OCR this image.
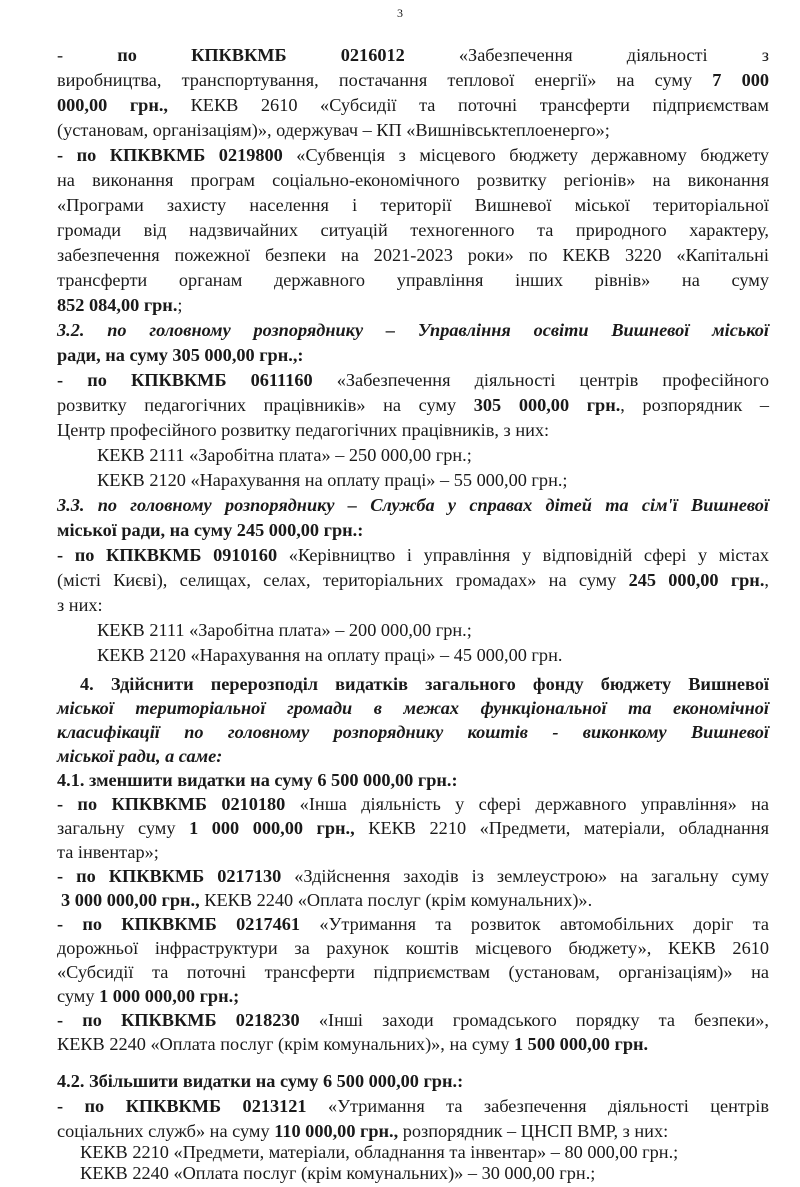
3
- по	КПКВКМБ	0216012 «Забезпечення діяльності з
виробництва, транспортування, постачання теплової енергії» на суму 7 000
000,00 грн., КЕКВ 2610 «Субсидії та поточні трансферти підприємствам
(установам, організаціям)», одержувач – КП «Вишнівськтеплоенерго»;
- по КПКВКМБ 0219800 «Субвенція з місцевого бюджету державному бюджету
на виконання програм соціально-економічного розвитку регіонів» на виконання
«Програми захисту населення і території Вишневої міської територіальної
громади від надзвичайних ситуацій техногенного та природного характеру,
забезпечення пожежної безпеки на 2021-2023 роки» по КЕКВ 3220 «Капітальні
трансферти органам державного управління інших рівнів» на суму
852 084,00 грн.;
3.2. по головному розпоряднику – Управління освіти Вишневої міської
ради, на суму 305 000,00 грн.,:
- по КПКВКМБ 0611160 «Забезпечення діяльності центрів професійного
розвитку педагогічних працівників» на суму 305 000,00 грн., розпорядник –
Центр професійного розвитку педагогічних працівників, з них:
КЕКВ 2111 «Заробітна плата» – 250 000,00 грн.;
КЕКВ 2120 «Нарахування на оплату праці» – 55 000,00 грн.;
3.3. по головному розпоряднику – Служба у справах дітей та сім'ї Вишневої
міської ради, на суму 245 000,00 грн.:
- по КПКВКМБ 0910160 «Керівництво і управління у відповідній сфері у містах
(місті Києві), селищах, селах, територіальних громадах» на суму 245 000,00 грн.,
з них:
КЕКВ 2111 «Заробітна плата» – 200 000,00 грн.;
КЕКВ 2120 «Нарахування на оплату праці» – 45 000,00 грн.
4. Здійснити перерозподіл видатків загального фонду бюджету Вишневої
міської територіальної громади в межах функціональної та економічної
класифікації по головному розпоряднику коштів - виконкому Вишневої
міської ради, а саме:
4.1. зменшити видатки на суму 6 500 000,00 грн.:
- по КПКВКМБ 0210180 «Інша діяльність у сфері державного управління» на
загальну суму 1 000 000,00 грн., КЕКВ 2210 «Предмети, матеріали, обладнання
та інвентар»;
- по КПКВКМБ 0217130 «Здійснення заходів із землеустрою» на загальну суму
3 000 000,00 грн., КЕКВ 2240 «Оплата послуг (крім комунальних)».
- по КПКВКМБ 0217461 «Утримання та розвиток автомобільних доріг та
дорожньої інфраструктури за рахунок коштів місцевого бюджету», КЕКВ 2610
«Субсидії та поточні трансферти підприємствам (установам, організаціям)» на
суму 1 000 000,00 грн.;
- по КПКВКМБ 0218230 «Інші заходи громадського порядку та безпеки»,
КЕКВ 2240 «Оплата послуг (крім комунальних)», на суму 1 500 000,00 грн.
4.2. Збільшити видатки на суму 6 500 000,00 грн.:
- по КПКВКМБ 0213121 «Утримання та забезпечення діяльності центрів
соціальних служб» на суму 110 000,00 грн., розпорядник – ЦНСП ВМР, з них:
КЕКВ 2210 «Предмети, матеріали, обладнання та інвентар» – 80 000,00 грн.;
КЕКВ 2240 «Оплата послуг (крім комунальних)» – 30 000,00 грн.;
